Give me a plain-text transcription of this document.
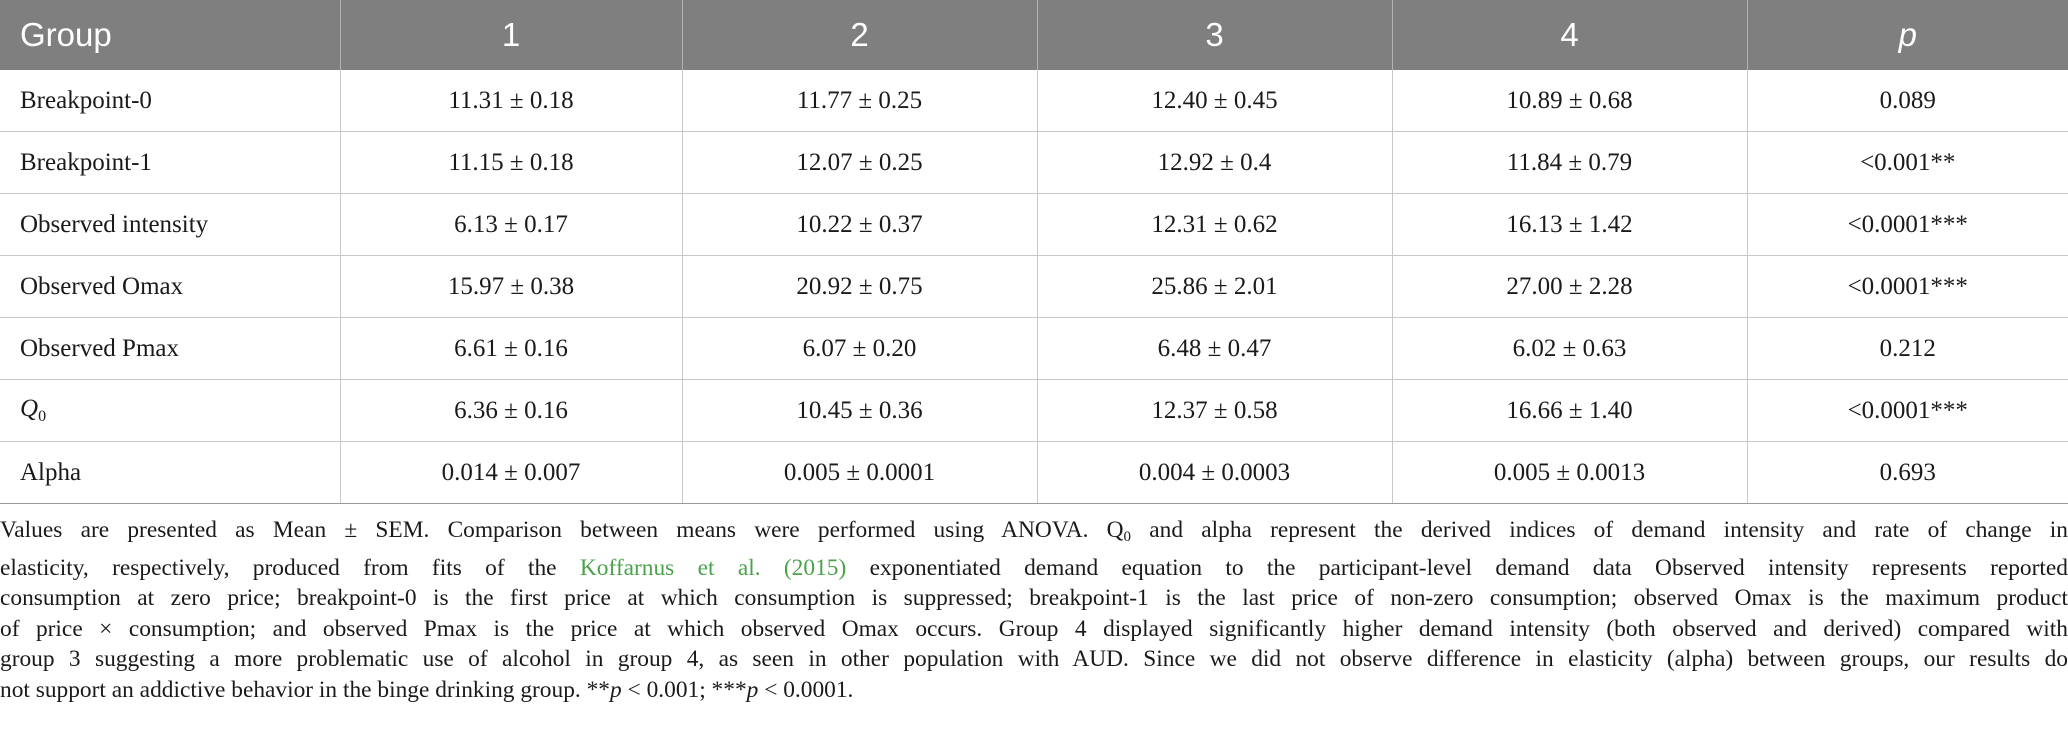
Group	1	2	3	4	p
Breakpoint-0	11.31 ± 0.18	11.77 ± 0.25	12.40 ± 0.45	10.89 ± 0.68	0.089
Breakpoint-1	11.15 ± 0.18	12.07 ± 0.25	12.92 ± 0.4	11.84 ± 0.79	<0.001**
Observed intensity	6.13 ± 0.17	10.22 ± 0.37	12.31 ± 0.62	16.13 ± 1.42	<0.0001***
Observed Omax	15.97 ± 0.38	20.92 ± 0.75	25.86 ± 2.01	27.00 ± 2.28	<0.0001***
Observed Pmax	6.61 ± 0.16	6.07 ± 0.20	6.48 ± 0.47	6.02 ± 0.63	0.212
$Q_0$	6.36 ± 0.16	10.45 ± 0.36	12.37 ± 0.58	16.66 ± 1.40	<0.0001***
Alpha	0.014 ± 0.007	0.005 ± 0.0001	0.004 ± 0.0003	0.005 ± 0.0013	0.693
Values are presented as Mean ± SEM. Comparison between means were performed using ANOVA. Q0 and alpha represent the derived indices of demand intensity and rate of change in
elasticity, respectively, produced from fits of the Koffarnus et al. (2015) exponentiated demand equation to the participant-level demand data Observed intensity represents reported
consumption at zero price; breakpoint-0 is the first price at which consumption is suppressed; breakpoint-1 is the last price of non-zero consumption; observed Omax is the maximum product
of price × consumption; and observed Pmax is the price at which observed Omax occurs. Group 4 displayed significantly higher demand intensity (both observed and derived) compared with
group 3 suggesting a more problematic use of alcohol in group 4, as seen in other population with AUD. Since we did not observe difference in elasticity (alpha) between groups, our results do
not support an addictive behavior in the binge drinking group. **p < 0.001; ***p < 0.0001.
